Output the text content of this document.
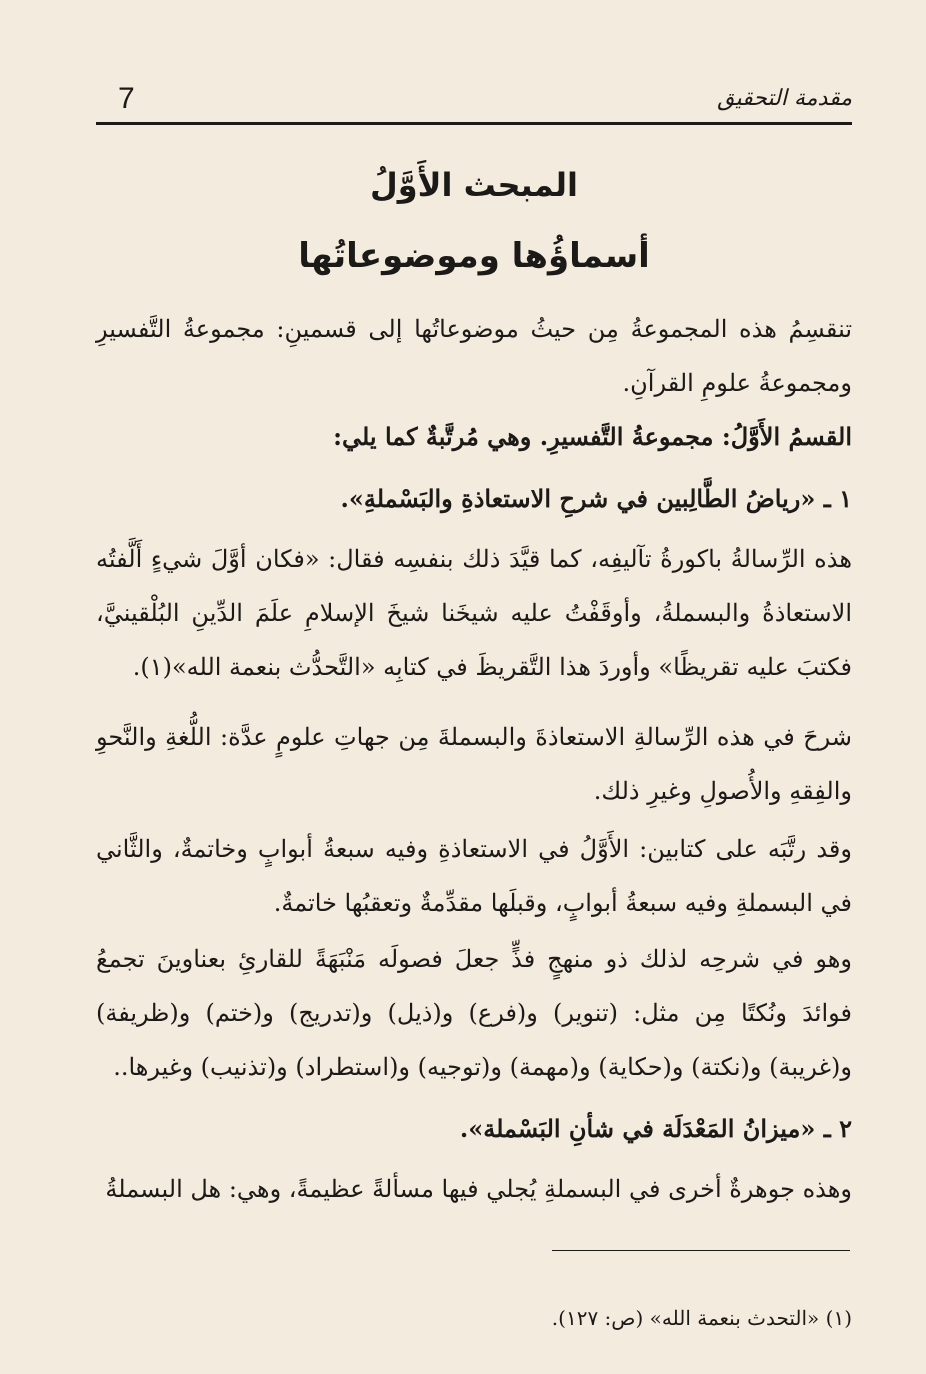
7	مقدمة التحقيق
المبحث الأَوَّلُ
أسماؤُها وموضوعاتُها

تنقسِمُ هذه المجموعةُ مِن حيثُ موضوعاتُها إلى قسمينِ: مجموعةُ التَّفسيرِ ومجموعةُ علومِ القرآنِ.

القسمُ الأَوَّلُ: مجموعةُ التَّفسيرِ. وهي مُرتَّبةٌ كما يلي:

١ ـ «رياضُ الطَّالِبين في شرحِ الاستعاذةِ والبَسْملةِ».

هذه الرِّسالةُ باكورةُ تآليفِه، كما قيَّدَ ذلك بنفسِه فقال: «فكان أوَّلَ شيءٍ أَلَّفتُه الاستعاذةُ والبسملةُ، وأوقَفْتُ عليه شيخَنا شيخَ الإسلامِ علَمَ الدِّينِ البُلْقينيَّ، فكتبَ عليه تقريظًا» وأوردَ هذا التَّقريظَ في كتابِه «التَّحدُّث بنعمة الله»(١).

شرحَ في هذه الرِّسالةِ الاستعاذةَ والبسملةَ مِن جهاتِ علومٍ عدَّة: اللُّغةِ والنَّحوِ والفِقهِ والأُصولِ وغيرِ ذلك.

وقد رتَّبَه على كتابين: الأَوَّلُ في الاستعاذةِ وفيه سبعةُ أبوابٍ وخاتمةٌ، والثَّاني في البسملةِ وفيه سبعةُ أبوابٍ، وقبلَها مقدِّمةٌ وتعقبُها خاتمةٌ.

وهو في شرحِه لذلك ذو منهجٍ فذٍّ جعلَ فصولَه مَنْبَهَةً للقارئِ بعناوينَ تجمعُ فوائدَ ونُكتًا مِن مثل: (تنوير) و(فرع) و(ذيل) و(تدريج) و(ختم) و(ظريفة) و(غريبة) و(نكتة) و(حكاية) و(مهمة) و(توجيه) و(استطراد) و(تذنيب) وغيرها..

٢ ـ «ميزانُ المَعْدَلَة في شأنِ البَسْملة».

وهذه جوهرةٌ أخرى في البسملةِ يُجلي فيها مسألةً عظيمةً، وهي: هل البسملةُ

(١) «التحدث بنعمة الله» (ص: ١٢٧).
